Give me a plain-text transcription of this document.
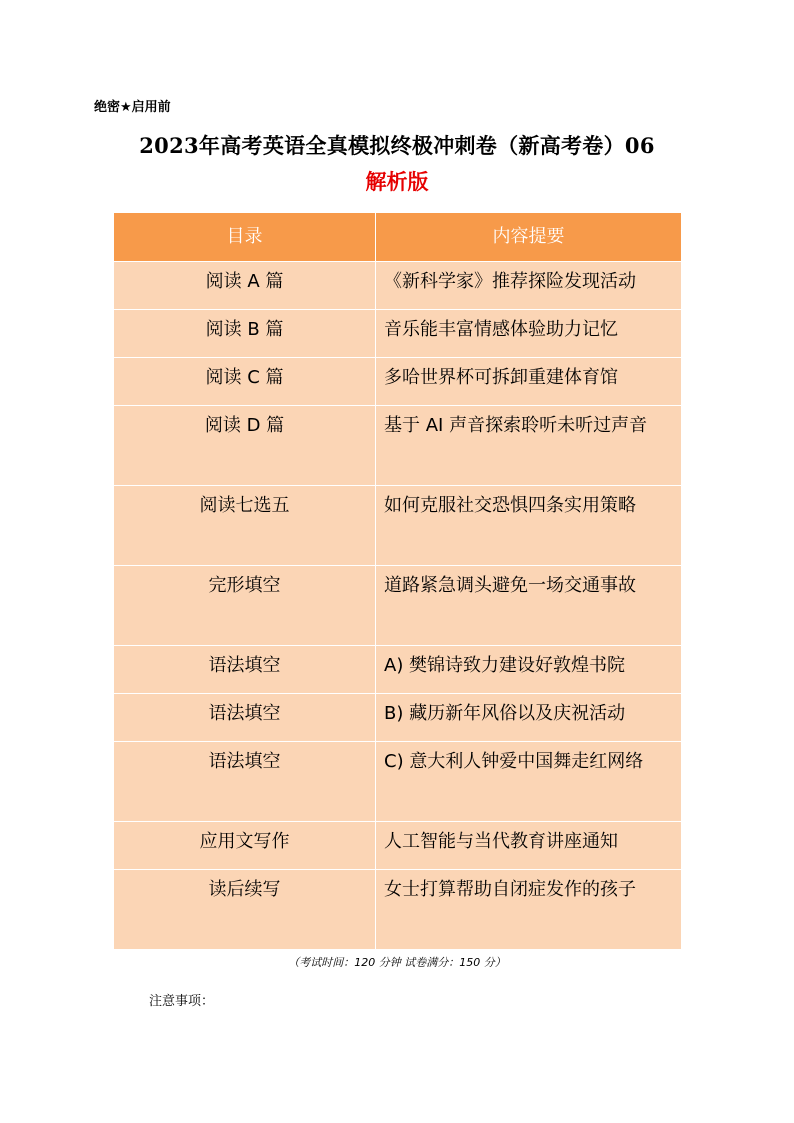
绝密★启用前
2023年高考英语全真模拟终极冲刺卷（新高考卷）06
解析版
目录	内容提要
阅读 A 篇	《新科学家》推荐探险发现活动
阅读 B 篇	音乐能丰富情感体验助力记忆
阅读 C 篇	多哈世界杯可拆卸重建体育馆
阅读 D 篇	基于 AI 声音探索聆听未听过声音
阅读七选五	如何克服社交恐惧四条实用策略
完形填空	道路紧急调头避免一场交通事故
语法填空	A) 樊锦诗致力建设好敦煌书院
语法填空	B) 藏历新年风俗以及庆祝活动
语法填空	C) 意大利人钟爱中国舞走红网络
应用文写作	人工智能与当代教育讲座通知
读后续写	女士打算帮助自闭症发作的孩子
（考试时间：120 分钟 试卷满分：150 分）
注意事项：
